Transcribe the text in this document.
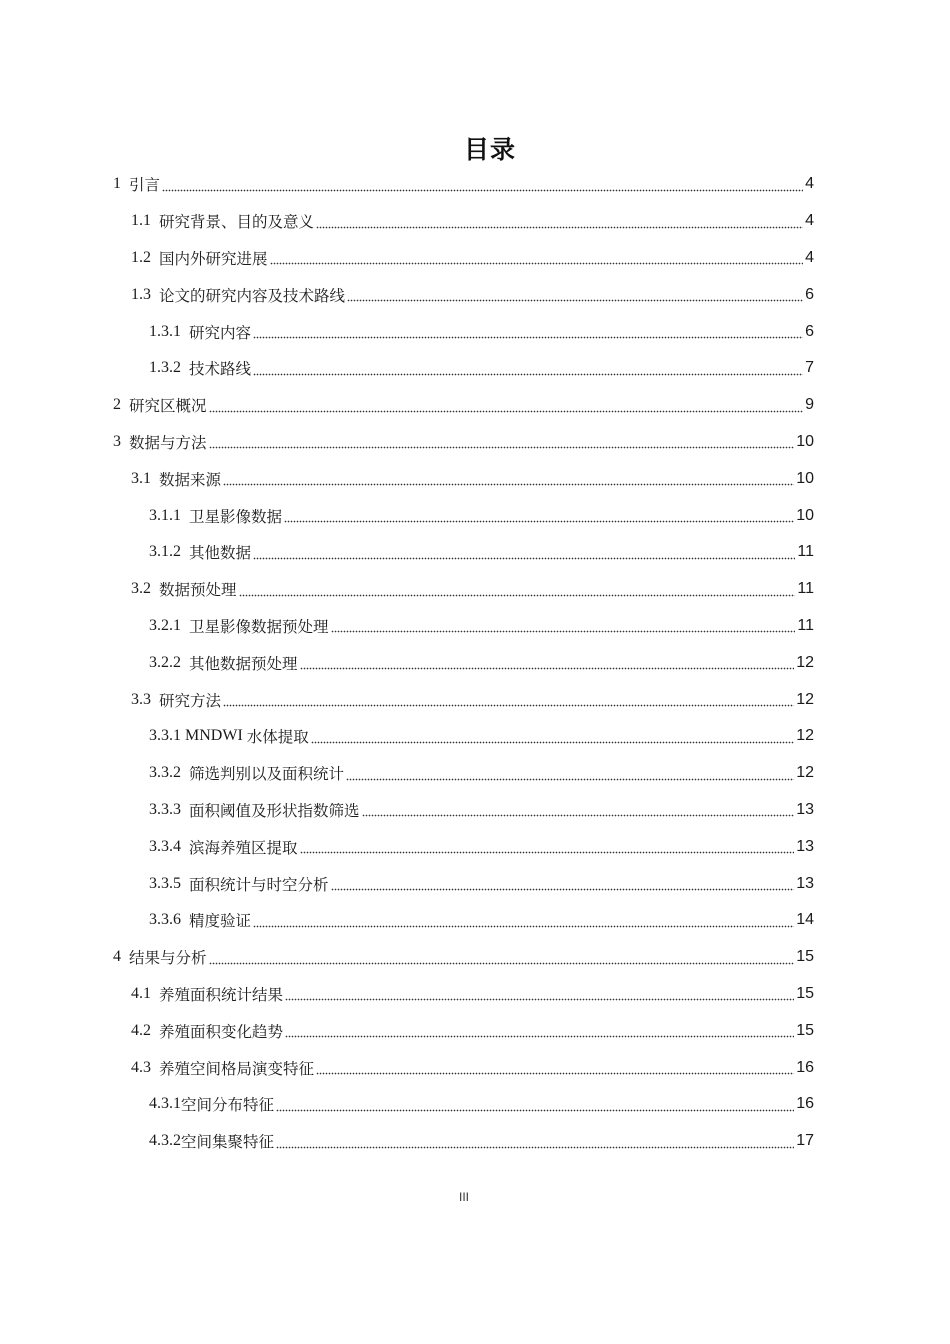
目录
1 引言	4
1.1 研究背景、目的及意义	4
1.2 国内外研究进展	4
1.3 论文的研究内容及技术路线	6
1.3.1 研究内容	6
1.3.2 技术路线	7
2 研究区概况	9
3 数据与方法	10
3.1 数据来源	10
3.1.1 卫星影像数据	10
3.1.2 其他数据	11
3.2 数据预处理	11
3.2.1 卫星影像数据预处理	11
3.2.2 其他数据预处理	12
3.3 研究方法	12
3.3.1 MNDWI 水体提取	12
3.3.2 筛选判别以及面积统计	12
3.3.3 面积阈值及形状指数筛选	13
3.3.4 滨海养殖区提取	13
3.3.5 面积统计与时空分析	13
3.3.6 精度验证	14
4 结果与分析	15
4.1 养殖面积统计结果	15
4.2 养殖面积变化趋势	15
4.3 养殖空间格局演变特征	16
4.3.1 空间分布特征	16
4.3.2 空间集聚特征	17
III
